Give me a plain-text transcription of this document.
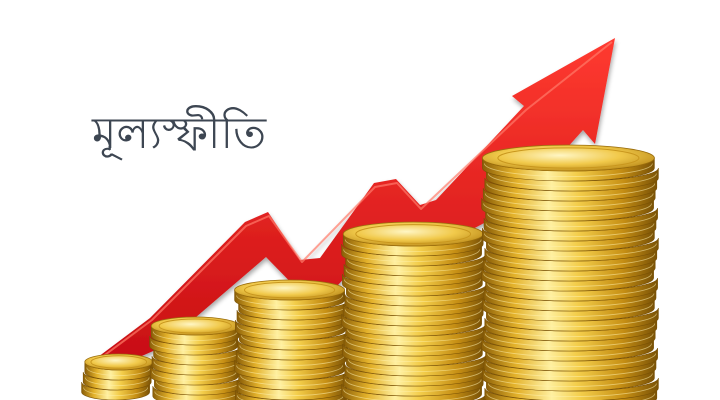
মূল্যস্ফীতি
